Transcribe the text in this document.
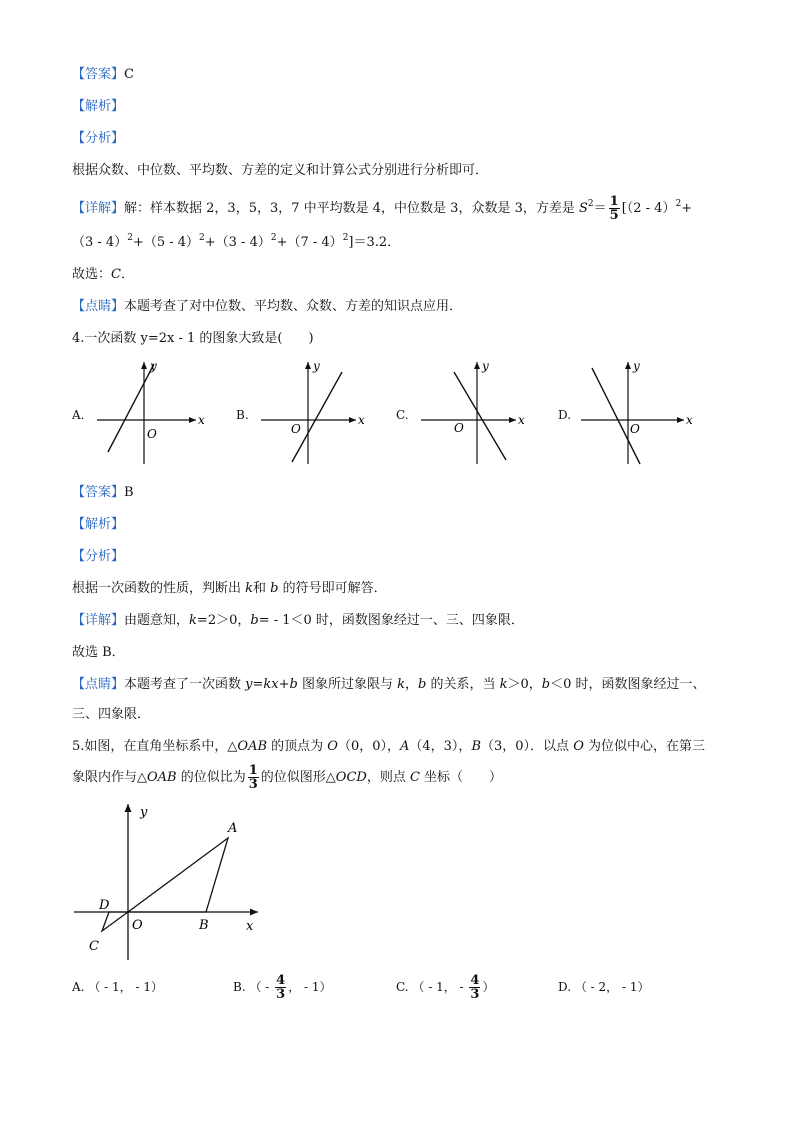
【答案】C
【解析】
【分析】
根据众数、中位数、平均数、方差的定义和计算公式分别进行分析即可．
【详解】解：样本数据 2，3，5，3，7 中平均数是 4，中位数是 3，众数是 3，方差是 $S^2= \frac{1}{5} [(2 - 4)^2+$
（3 - 4）$^2$+（5 - 4）$^2$+（3 - 4）$^2$+（7 - 4）$^2$]＝3.2．
故选：C．
【点睛】本题考查了对中位数、平均数、众数、方差的知识点应用．
4.一次函数 y=2x - 1 的图象大致是(　　)
A.	x
y
O
B.	x
y
O
C.	x
y
O
D.	x
y
O
【答案】B
【解析】
【分析】
根据一次函数的性质，判断出 k和 b 的符号即可解答．
【详解】由题意知，k=2＞0，b= - 1＜0 时，函数图象经过一、三、四象限．
故选 B．
【点睛】本题考查了一次函数 y=kx+b 图象所过象限与 k，b 的关系，当 k＞0，b＜0 时，函数图象经过一、
三、四象限．
5.如图，在直角坐标系中，△OAB 的顶点为 O（0，0），A（4，3），B（3，0）．以点 O 为位似中心，在第三
象限内作与△OAB 的位似比为 $\frac{1}{3}$ 的位似图形△OCD，则点 C 坐标（　　）
y
x
A
B
O
D
C
A. （ - 1， - 1）	B. （ - $\frac{4}{3}$ ， - 1）	C. （ - 1， - $\frac{4}{3}$ ）	D. （ - 2， - 1）
